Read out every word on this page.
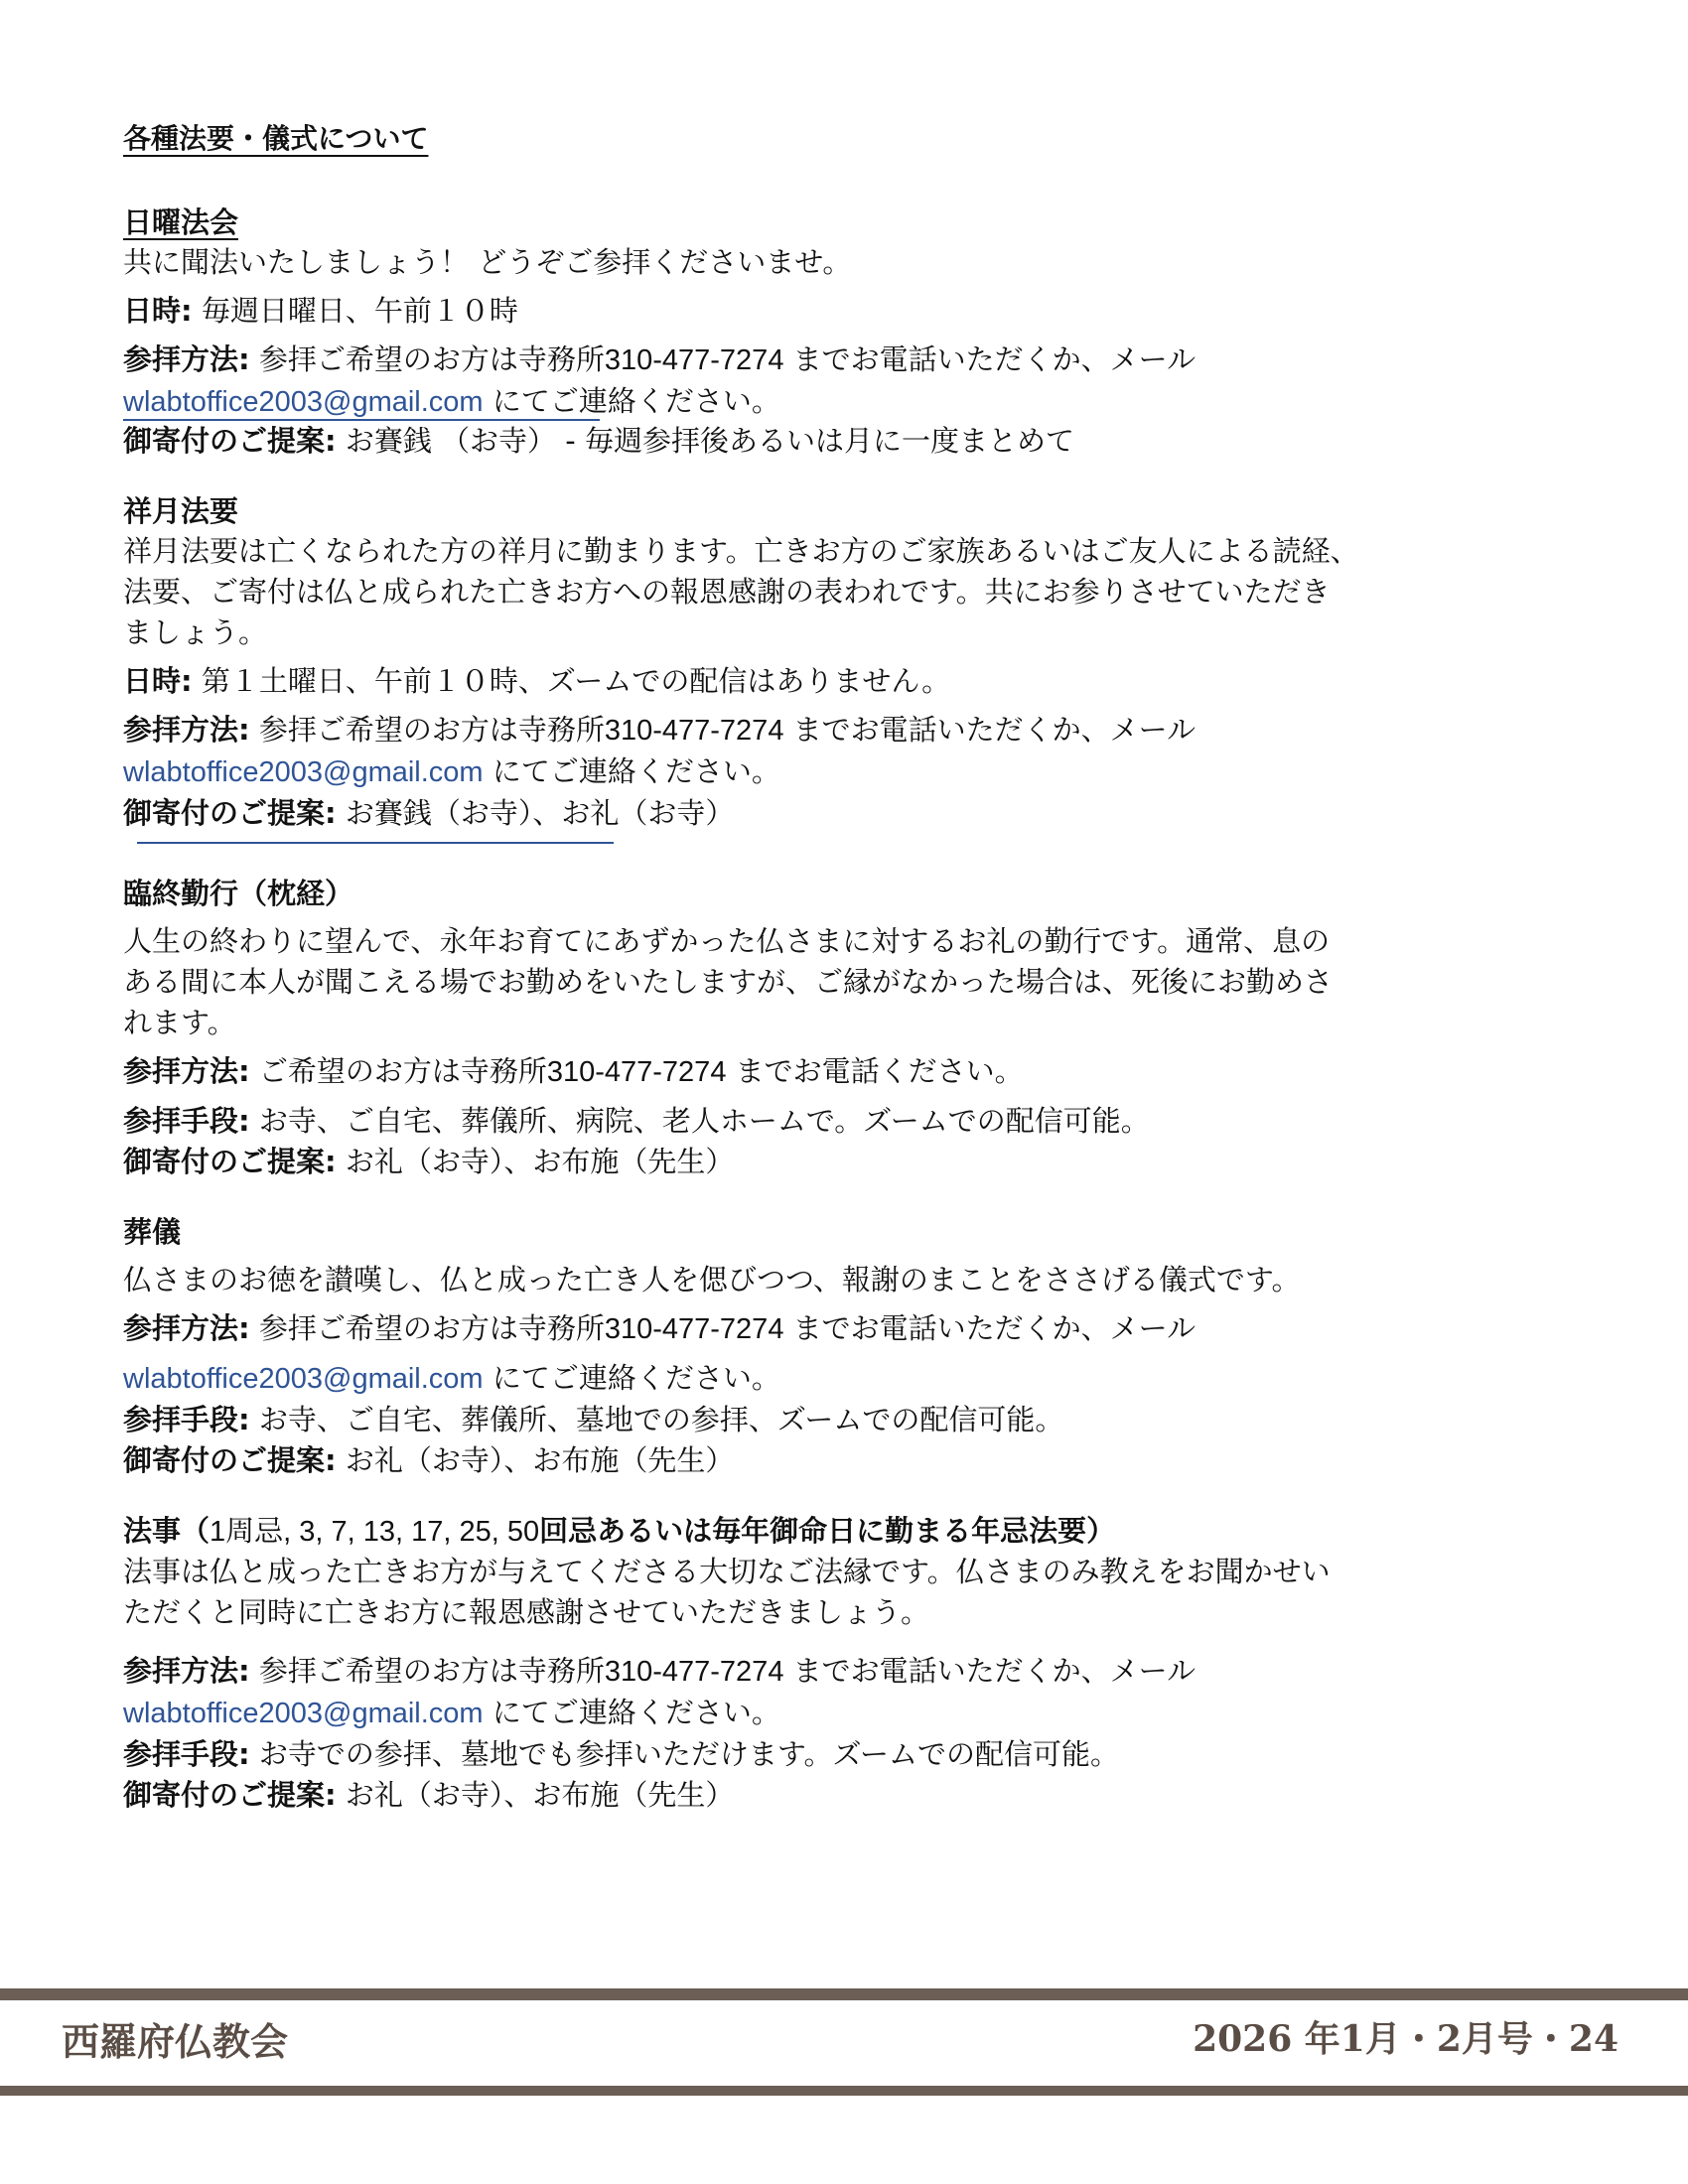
各種法要・儀式について

日曜法会

共に聞法いたしましょう！ どうぞご参拝くださいませ。

日時: 毎週日曜日、午前１０時

参拝方法: 参拝ご希望のお方は寺務所310-477-7274 までお電話いただくか、メール

wlabtoffice2003@gmail.com にてご連絡ください。

御寄付のご提案: お賽銭 （お寺） - 毎週参拝後あるいは月に一度まとめて

祥月法要

祥月法要は亡くなられた方の祥月に勤まります。亡きお方のご家族あるいはご友人による読経、

法要、ご寄付は仏と成られた亡きお方への報恩感謝の表われです。共にお参りさせていただき

ましょう。

日時: 第１土曜日、午前１０時、ズームでの配信はありません。

参拝方法: 参拝ご希望のお方は寺務所310-477-7274 までお電話いただくか、メール

wlabtoffice2003@gmail.com にてご連絡ください。

御寄付のご提案: お賽銭（お寺）、お礼（お寺）

臨終勤行（枕経）

人生の終わりに望んで、永年お育てにあずかった仏さまに対するお礼の勤行です。通常、息の

ある間に本人が聞こえる場でお勤めをいたしますが、ご縁がなかった場合は、死後にお勤めさ

れます。

参拝方法: ご希望のお方は寺務所310-477-7274 までお電話ください。

参拝手段: お寺、ご自宅、葬儀所、病院、老人ホームで。ズームでの配信可能。

御寄付のご提案: お礼（お寺）、お布施（先生）

葬儀

仏さまのお徳を讃嘆し、仏と成った亡き人を偲びつつ、報謝のまことをささげる儀式です。

参拝方法: 参拝ご希望のお方は寺務所310-477-7274 までお電話いただくか、メール

wlabtoffice2003@gmail.com にてご連絡ください。

参拝手段: お寺、ご自宅、葬儀所、墓地での参拝、ズームでの配信可能。

御寄付のご提案: お礼（お寺）、お布施（先生）

法事（1周忌, 3, 7, 13, 17, 25, 50回忌あるいは毎年御命日に勤まる年忌法要）

法事は仏と成った亡きお方が与えてくださる大切なご法縁です。仏さまのみ教えをお聞かせい

ただくと同時に亡きお方に報恩感謝させていただきましょう。

参拝方法: 参拝ご希望のお方は寺務所310-477-7274 までお電話いただくか、メール

wlabtoffice2003@gmail.com にてご連絡ください。

参拝手段: お寺での参拝、墓地でも参拝いただけます。ズームでの配信可能。

御寄付のご提案: お礼（お寺）、お布施（先生）

西羅府仏教会	2026 年1月・2月号・24
